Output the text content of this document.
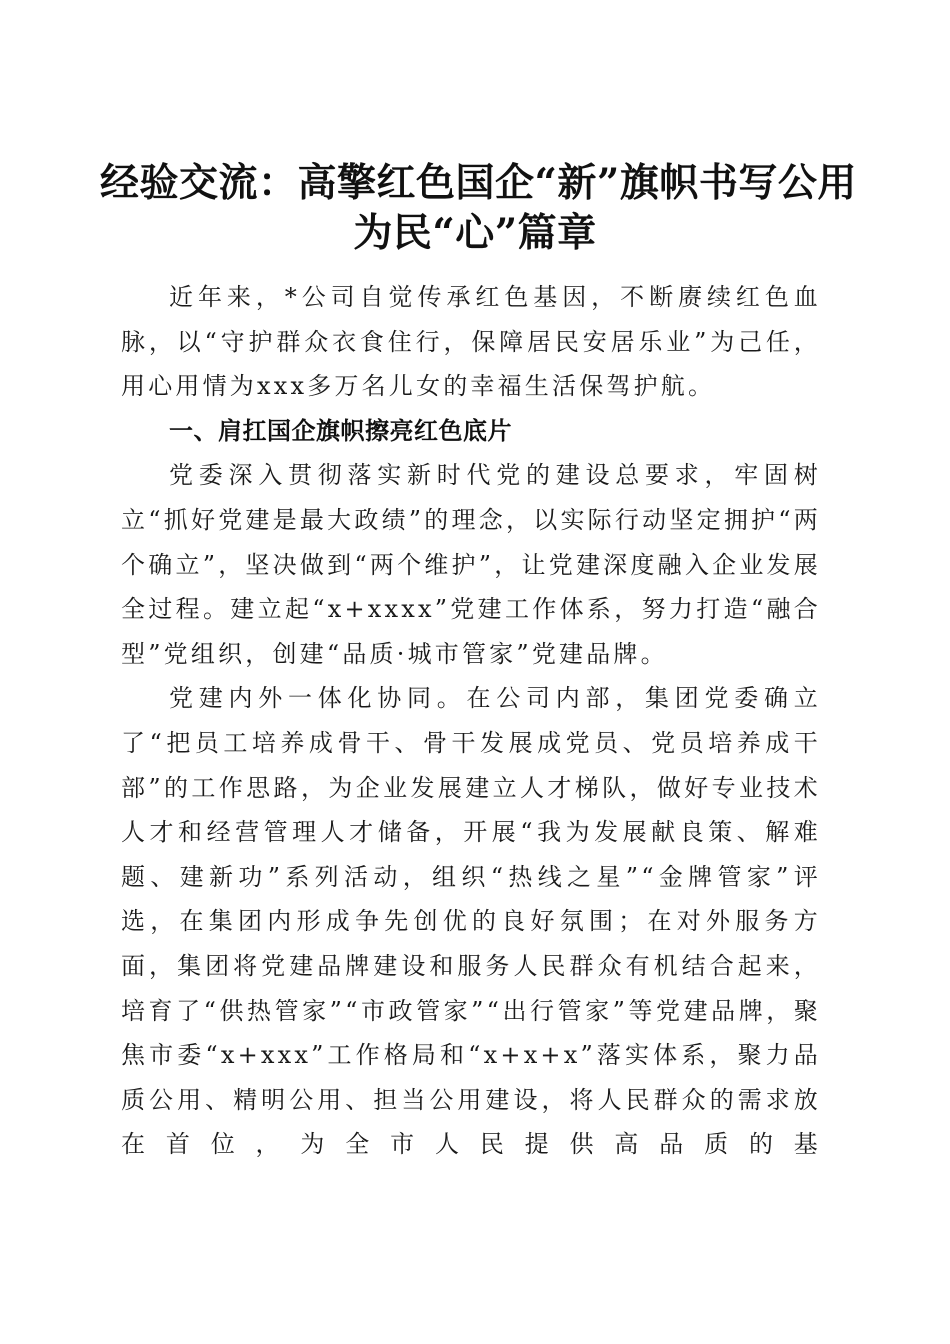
经验交流：高擎红色国企“新”旗帜书写公用
为民“心”篇章

近年来，*公司自觉传承红色基因，不断赓续红色血脉，以“守护群众衣食住行，保障居民安居乐业”为己任，用心用情为xxx多万名儿女的幸福生活保驾护航。

一、肩扛国企旗帜擦亮红色底片

党委深入贯彻落实新时代党的建设总要求，牢固树立“抓好党建是最大政绩”的理念，以实际行动坚定拥护“两个确立”，坚决做到“两个维护”，让党建深度融入企业发展全过程。建立起“x+xxxx”党建工作体系，努力打造“融合型”党组织，创建“品质·城市管家”党建品牌。

党建内外一体化协同。在公司内部，集团党委确立了“把员工培养成骨干、骨干发展成党员、党员培养成干部”的工作思路，为企业发展建立人才梯队，做好专业技术人才和经营管理人才储备，开展“我为发展献良策、解难题、建新功”系列活动，组织“热线之星”“金牌管家”评选，在集团内形成争先创优的良好氛围；在对外服务方面，集团将党建品牌建设和服务人民群众有机结合起来，培育了“供热管家”“市政管家”“出行管家”等党建品牌，聚焦市委“x+xxx”工作格局和“x+x+x”落实体系，聚力品质公用、精明公用、担当公用建设，将人民群众的需求放在首位，为全市人民提供高品质的基
